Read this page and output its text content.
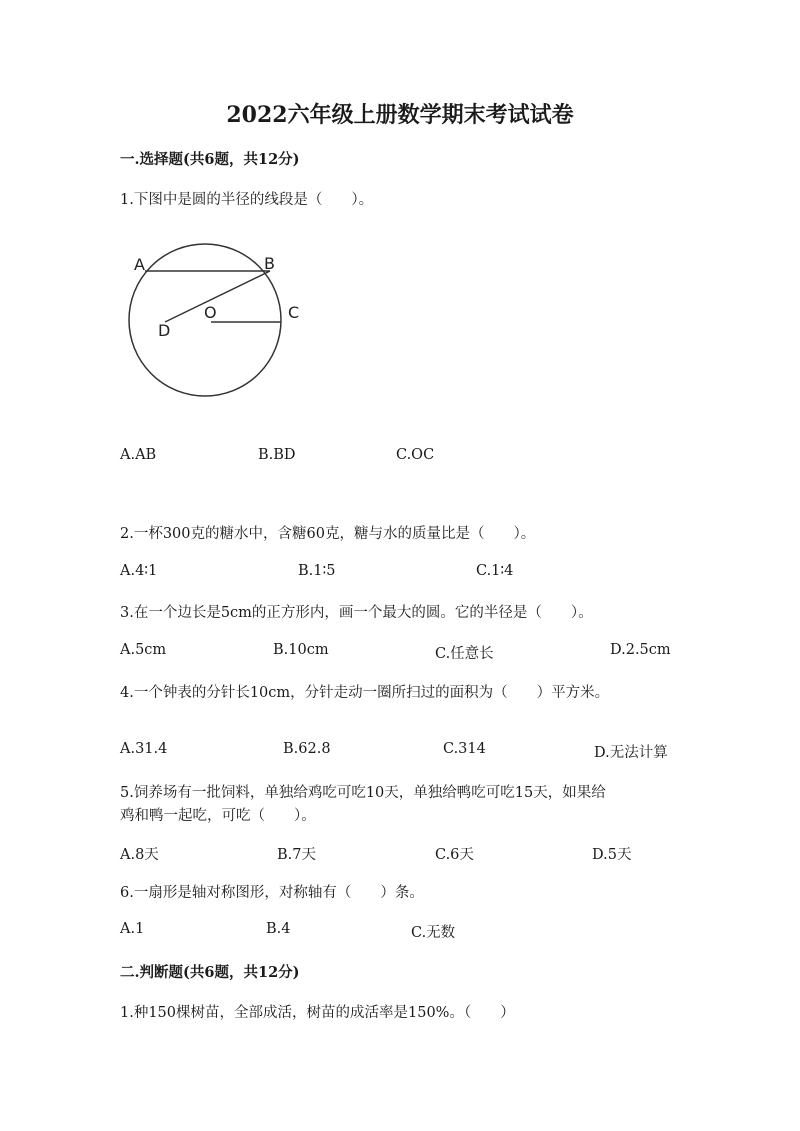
2022六年级上册数学期末考试试卷
一.选择题(共6题，共12分)
1.下图中是圆的半径的线段是（　　）。
A	B
O	C
D
A.AB	B.BD	C.OC
2.一杯300克的糖水中，含糖60克，糖与水的质量比是（　　）。
A.4∶1	B.1∶5	C.1∶4
3.在一个边长是5cm的正方形内，画一个最大的圆。它的半径是（　　）。
A.5cm	B.10cm	C.任意长	D.2.5cm
4.一个钟表的分针长10cm，分针走动一圈所扫过的面积为（　　）平方米。
A.31.4	B.62.8	C.314	D.无法计算
5.饲养场有一批饲料，单独给鸡吃可吃10天，单独给鸭吃可吃15天，如果给
鸡和鸭一起吃，可吃（　　）。
A.8天	B.7天	C.6天	D.5天
6.一扇形是轴对称图形，对称轴有（　　）条。
A.1	B.4	C.无数
二.判断题(共6题，共12分)
1.种150棵树苗，全部成活，树苗的成活率是150%。（　　）
